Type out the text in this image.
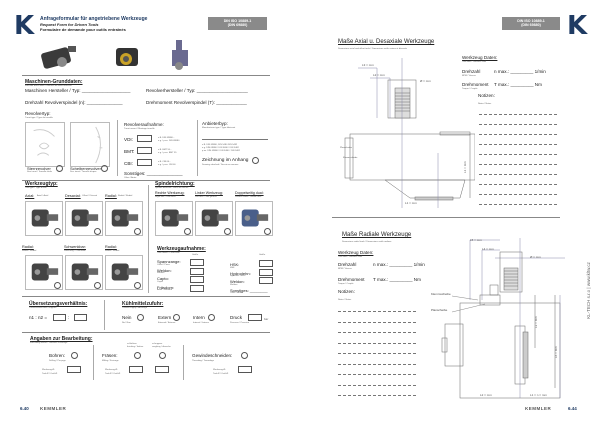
K Anfrageformular für angetriebene Werkzeuge
Request Form for Driven Tools
Formulaire de demande pour outils entraînés
DIN ISO 10889-1
(DIN 69880)
Maschinen-Grunddaten:
Machine basic data / Données de base machine
Maschinen Hersteller / Typ: ___________________	Revolverhersteller / Typ: ____________________
Drehzahl Revolverspindel (n): ______________	Drehmoment Revolverspindel (T): ____________
Revolvertyp:
Turret type / Type de tourelle
Sternrevolver
Star turret / Tourelle étoile
Scheibenrevolver
Disc turret / Tourelle disque
Revolveraufnahme:
Turret mount / Montage tourelle
VDI:	z.B. DIN 69880...
e.g. / p.ex. DIN 69880
BMT:	z.B. BMT 55...
e.g. / p.ex. BMT 55
CBI:	z.B. CBI 60...
e.g. / p.ex. CBI 60
Sonstiges: ______________
Other / Autre
Anbieterbyp:
Manufacturer type / Type fabricant
z.B. DIN 69880, DIN 5480 DIN 5482
e.g. DIN 69880 / DIN 5480 / DIN 5482
p.ex. DIN 69880 / DIN 5480 / DIN 5482
Zeichnung im Anhang
Drawing attached / Dessin en annexe
Werkzeugtyp:
Tool type / Type d'outil
Axial: Axial / Axial	Desaxial: Offset / Désaxé Radial: Radial / Radial
Spindelrichtung:
Spindle direction / Sens de broche
Rechte Werkzeug:
Right tool / Outil droit
Linker Werkzeug:
Left tool / Outil gauche
Doppelseitig dual:
Double-sided / Double face
Radial:
Radial / Radial
Schwenkbar:
Swivelling / Orientable
Radial:
Radial / Radial	Werkzeugaufnahme:
Tool holder / Porte-outil
Größe	Größe
Spannzange:
Collet / Pince
Weldon:
Weldon
Capto:
Capto
Fräsdorn:
Arbor / Mandrin
HSK:
HSK
Hydrodehn:
Hydraulic chuck
Weldon:
Weldon
Sonstiges: ________
Other / Autre
Übersetzungsverhältnis:
Transmission ratio / Rapport
n1 : n2 =	:
Kühlmittelzufuhr:
Coolant supply / Arrosage
Nein
No / Non
Extern
External / Externe
Intern
Internal / Interne
Druck
Pressure / Pression
bar
Angaben zur Bearbeitung:
Machining details / Données d'usinage
Bohren:
Drilling / Perçage
Werkzeug-Ø:
Tool-Ø / Outil-Ø
Fräsen:
Milling / Fraisage
schlichten
finishing / finition
schruppen
roughing / ébauche
Werkzeug-Ø:
Tool-Ø / Outil-Ø
Gewindeschneiden:
Threading / Taraudage
Werkzeug-Ø:
Tool-Ø / Outil-Ø
6.40 KEMMLER
DIN ISO 10889-1
(DIN 69880)	K
Maße Axial u. Desaxiale Werkzeuge
Dimensions axial and offset tools / Dimensions outils axiaux et désaxés
Werkzeug Daten:
Tool data / Données outil
Drehzahl
RPM / Vitesse
n max.: _________ 1/min
Drehmoment
Torque / Couple
T max.: _________ Nm
Notizen:
Notes / Notes
L3 = mm
L2 = mm
Ø = mm
L1 = mm
L1 = mm
Planscheibe
Klemmscheibe
Maße Radiale Werkzeuge
Dimensions radial tools / Dimensions outils radiaux
Werkzeug Daten:
Tool data / Données outil
Drehzahl
RPM / Vitesse
n max.: _________ 1/min
Drehmoment
Torque / Couple
T max.: _________ Nm
Notizen:
Notes / Notes
L5 = mm
L4 = mm
Ø = mm
L3 = mm
L6 = mm
L2 = mm	L1 = n = mm
Klemmscheibe
Planscheibe	KL-TECH s.r.o | www.kltw.cz
KEMMLER	6.44
